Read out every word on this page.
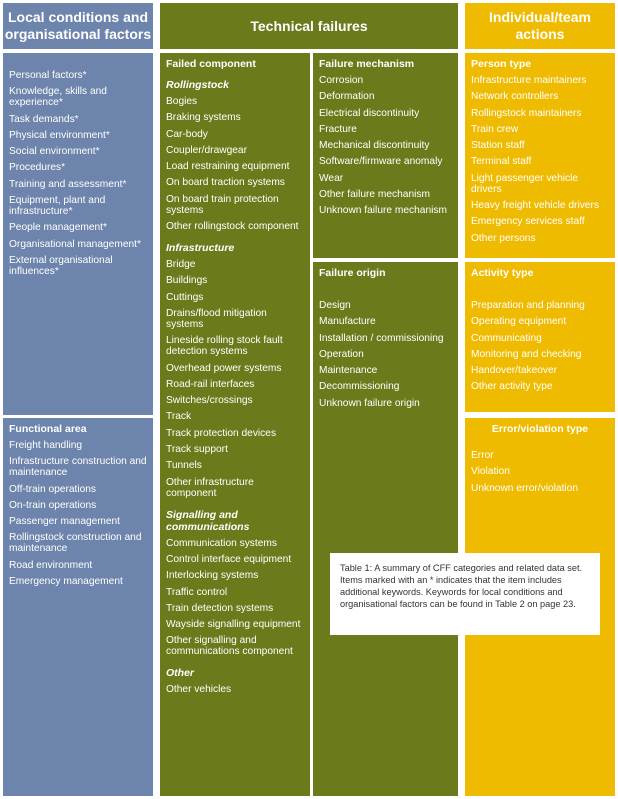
Local conditions and organisational factors
Technical failures
Individual/team actions
Personal factors*
Knowledge, skills and experience*
Task demands*
Physical environment*
Social environment*
Procedures*
Training and assessment*
Equipment, plant and infrastructure*
People management*
Organisational management*
External organisational influences*
Functional area
Freight handling
Infrastructure construction and maintenance
Off-train operations
On-train operations
Passenger management
Rollingstock construction and maintenance
Road environment
Emergency management
Failed component
Rollingstock
Bogies
Braking systems
Car-body
Coupler/drawgear
Load restraining equipment
On board traction systems
On board train protection systems
Other rollingstock component
Infrastructure
Bridge
Buildings
Cuttings
Drains/flood mitigation systems
Lineside rolling stock fault detection systems
Overhead power systems
Road-rail interfaces
Switches/crossings
Track
Track protection devices
Track support
Tunnels
Other infrastructure component
Signalling and communications
Communication systems
Control interface equipment
Interlocking systems
Traffic control
Train detection systems
Wayside signalling equipment
Other signalling and communications component
Other
Other vehicles
Failure mechanism
Corrosion
Deformation
Electrical discontinuity
Fracture
Mechanical discontinuity
Software/firmware anomaly
Wear
Other failure mechanism
Unknown failure mechanism
Failure origin
Design
Manufacture
Installation / commissioning
Operation
Maintenance
Decommissioning
Unknown failure origin
Person type
Infrastructure maintainers
Network controllers
Rollingstock maintainers
Train crew
Station staff
Terminal staff
Light passenger vehicle drivers
Heavy freight vehicle drivers
Emergency services staff
Other persons
Activity type
Preparation and planning
Operating equipment
Communicating
Monitoring and checking
Handover/takeover
Other activity type
Error/violation type
Error
Violation
Unknown error/violation
Table 1: A summary of CFF categories and related data set. Items marked with an * indicates that the item includes additional keywords. Keywords for local conditions and organisational factors can be found in Table 2 on page 23.
